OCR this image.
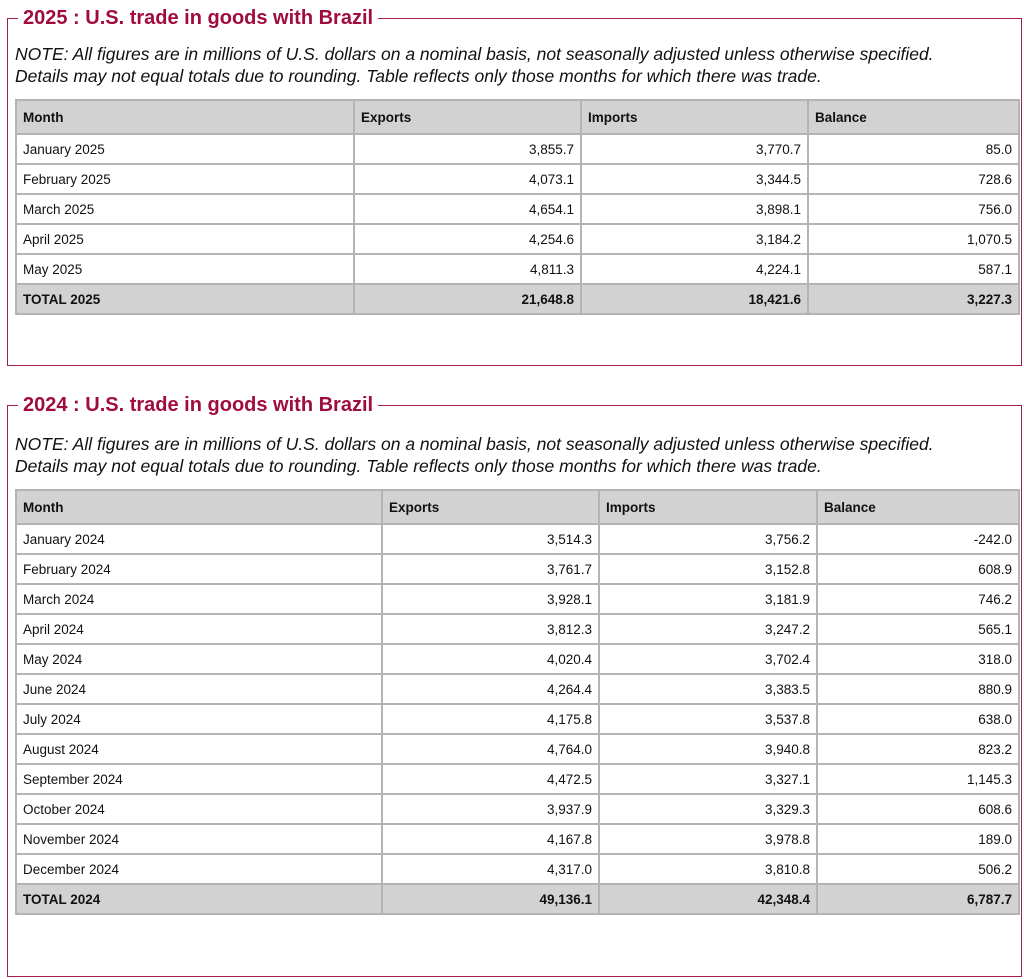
2025 : U.S. trade in goods with Brazil
NOTE: All figures are in millions of U.S. dollars on a nominal basis, not seasonally adjusted unless otherwise specified.
Details may not equal totals due to rounding. Table reflects only those months for which there was trade.
Month	Exports	Imports	Balance
January 2025	3,855.7	3,770.7	85.0
February 2025	4,073.1	3,344.5	728.6
March 2025	4,654.1	3,898.1	756.0
April 2025	4,254.6	3,184.2	1,070.5
May 2025	4,811.3	4,224.1	587.1
TOTAL 2025	21,648.8	18,421.6	3,227.3
2024 : U.S. trade in goods with Brazil
NOTE: All figures are in millions of U.S. dollars on a nominal basis, not seasonally adjusted unless otherwise specified.
Details may not equal totals due to rounding. Table reflects only those months for which there was trade.
Month	Exports	Imports	Balance
January 2024	3,514.3	3,756.2	-242.0
February 2024	3,761.7	3,152.8	608.9
March 2024	3,928.1	3,181.9	746.2
April 2024	3,812.3	3,247.2	565.1
May 2024	4,020.4	3,702.4	318.0
June 2024	4,264.4	3,383.5	880.9
July 2024	4,175.8	3,537.8	638.0
August 2024	4,764.0	3,940.8	823.2
September 2024	4,472.5	3,327.1	1,145.3
October 2024	3,937.9	3,329.3	608.6
November 2024	4,167.8	3,978.8	189.0
December 2024	4,317.0	3,810.8	506.2
TOTAL 2024	49,136.1	42,348.4	6,787.7
